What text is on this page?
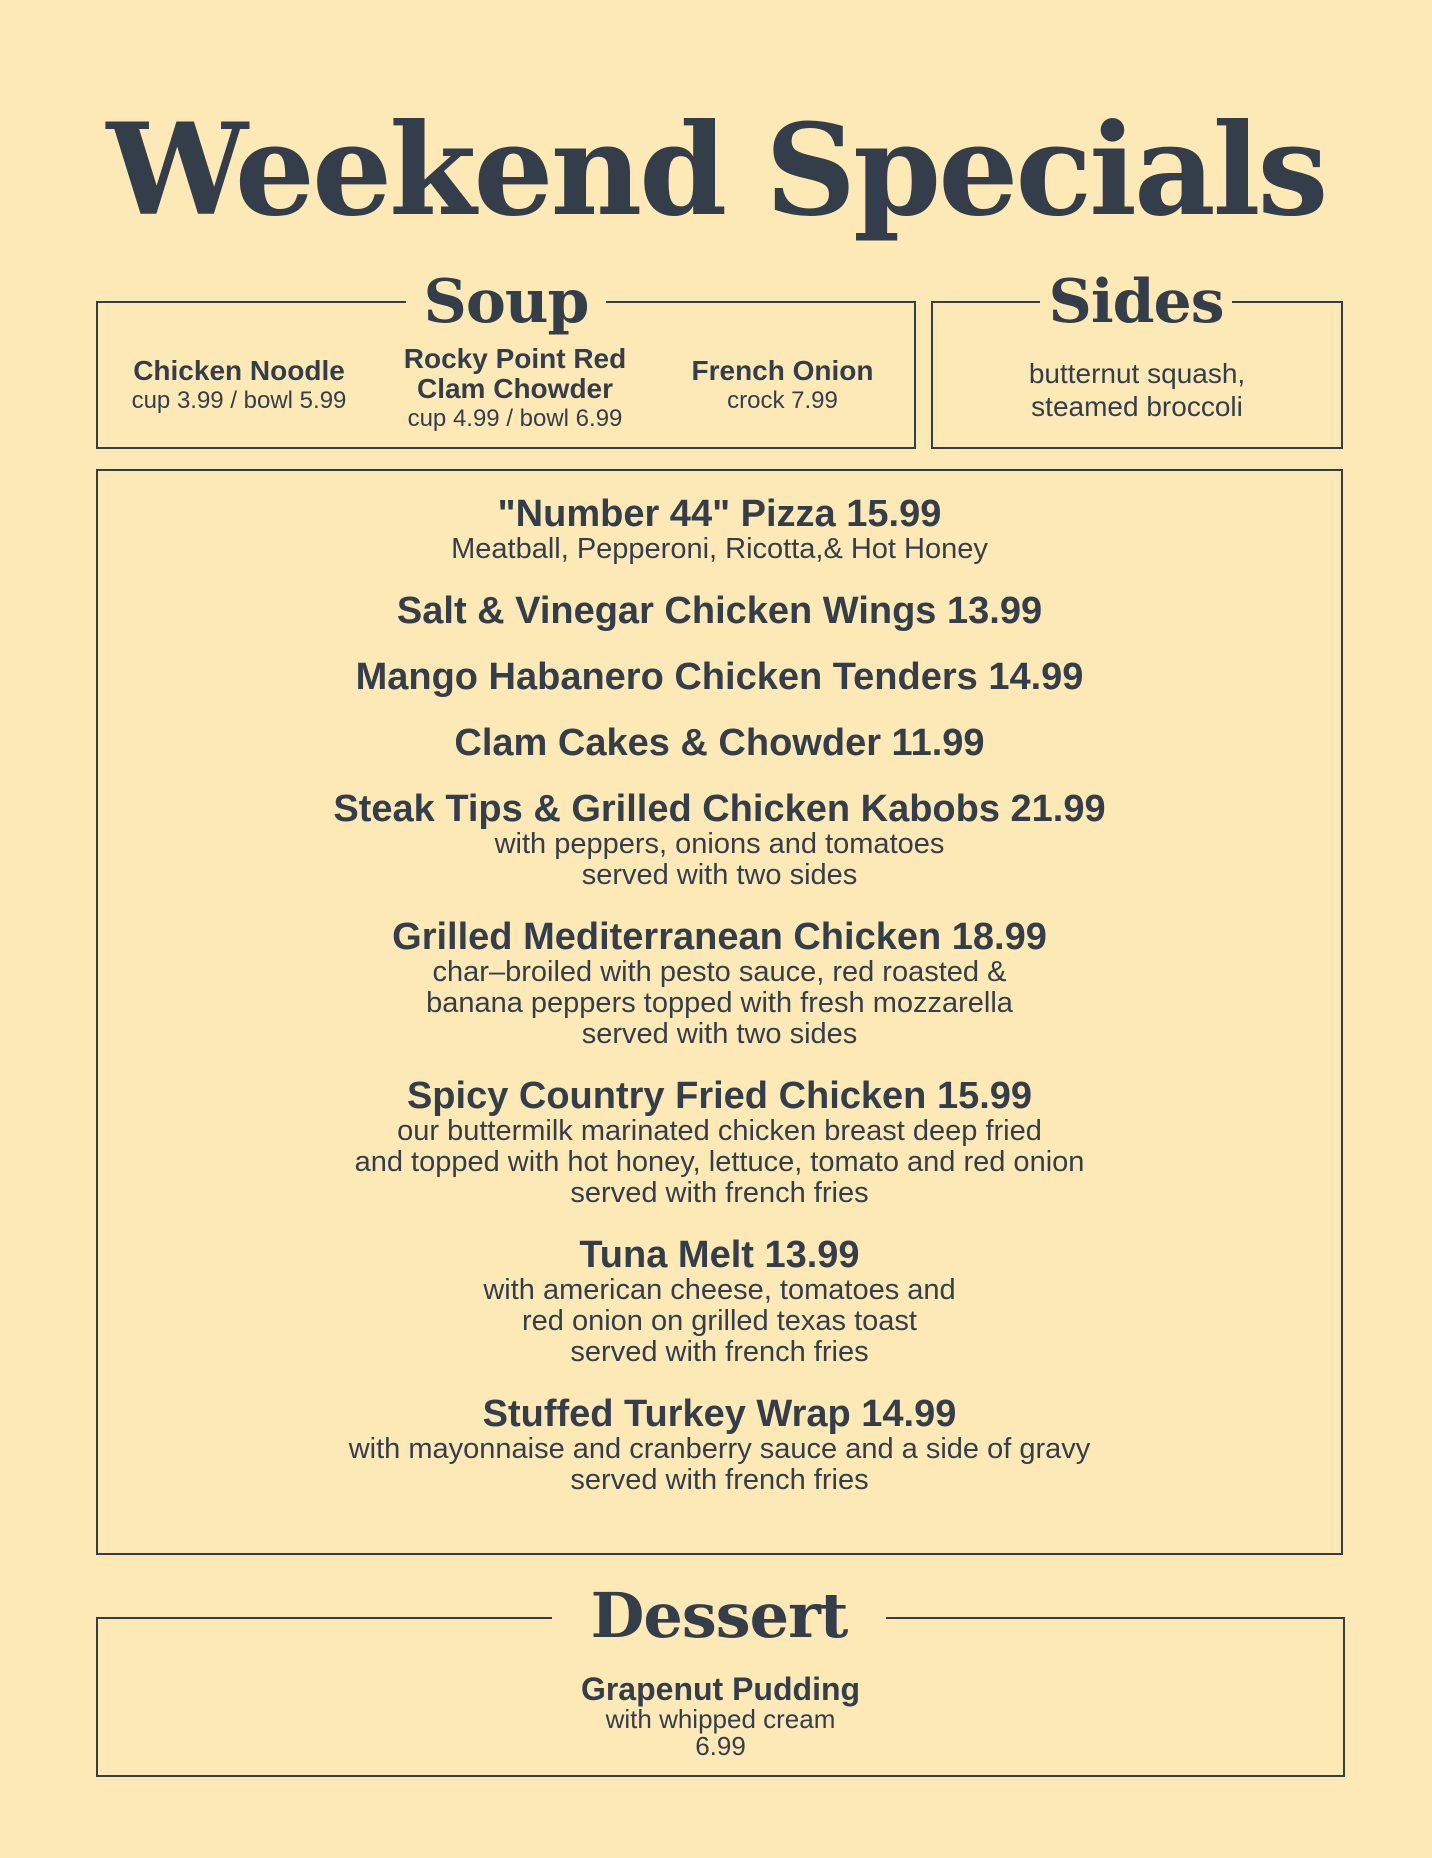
Weekend Specials
Soup
Chicken Noodle
cup 3.99 / bowl 5.99
Rocky Point Red
Clam Chowder
cup 4.99 / bowl 6.99
French Onion
crock 7.99
Sides
butternut squash,
steamed broccoli
"Number 44" Pizza 15.99
Meatball, Pepperoni, Ricotta,& Hot Honey
Salt & Vinegar Chicken Wings 13.99
Mango Habanero Chicken Tenders 14.99
Clam Cakes & Chowder 11.99
Steak Tips & Grilled Chicken Kabobs 21.99
with peppers, onions and tomatoes
served with two sides
Grilled Mediterranean Chicken 18.99
char–broiled with pesto sauce, red roasted &
banana peppers topped with fresh mozzarella
served with two sides
Spicy Country Fried Chicken 15.99
our buttermilk marinated chicken breast deep fried
and topped with hot honey, lettuce, tomato and red onion
served with french fries
Tuna Melt 13.99
with american cheese, tomatoes and
red onion on grilled texas toast
served with french fries
Stuffed Turkey Wrap 14.99
with mayonnaise and cranberry sauce and a side of gravy
served with french fries
Dessert
Grapenut Pudding
with whipped cream
6.99
